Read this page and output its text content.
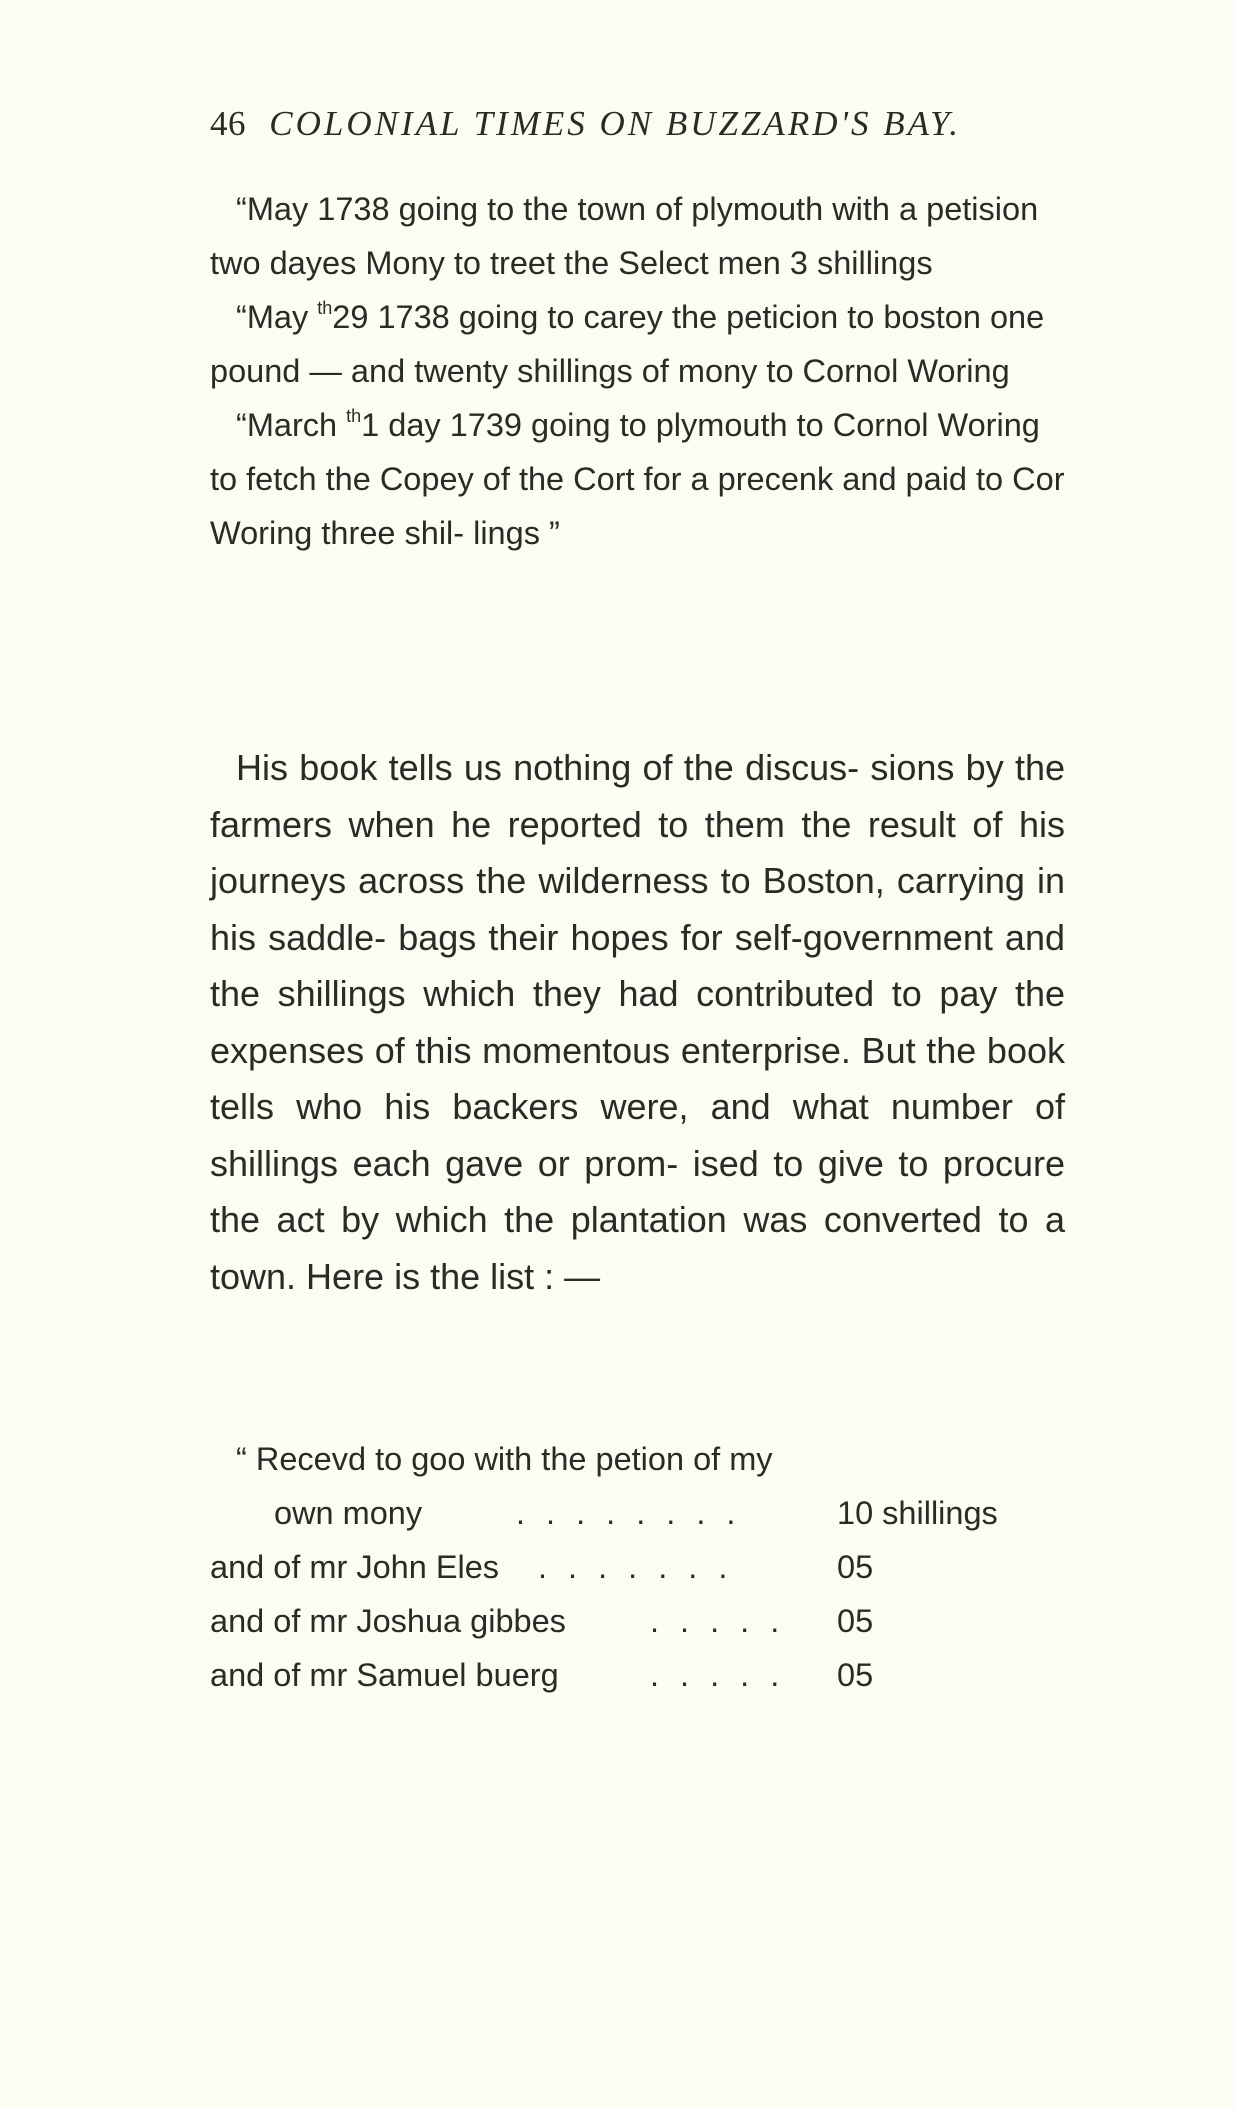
46 COLONIAL TIMES ON BUZZARD'S BAY.

“May 1738 going to the town of plymouth with a petision two dayes Mony to treet the Select men 3 shillings

“May $^{th}$29 1738 going to carey the peticion to boston one pound — and twenty shillings of mony to Cornol Woring

“March $^{th}$1 day 1739 going to plymouth to Cornol Woring to fetch the Copey of the Cort for a precenk and paid to Cor Woring three shil- lings ”

His book tells us nothing of the discus- sions by the farmers when he reported to them the result of his journeys across the wilderness to Boston, carrying in his saddle- bags their hopes for self-government and the shillings which they had contributed to pay the expenses of this momentous enterprise. But the book tells who his backers were, and what number of shillings each gave or prom- ised to give to procure the act by which the plantation was converted to a town. Here is the list : —

“ Recevd to goo with the petion of my
own mony	. . . . . . . .	10 shillings
and of mr John Eles . . . . . . .	05
and of mr Joshua gibbes	. . . . . 05
and of mr Samuel buerg	. . . . . 05
